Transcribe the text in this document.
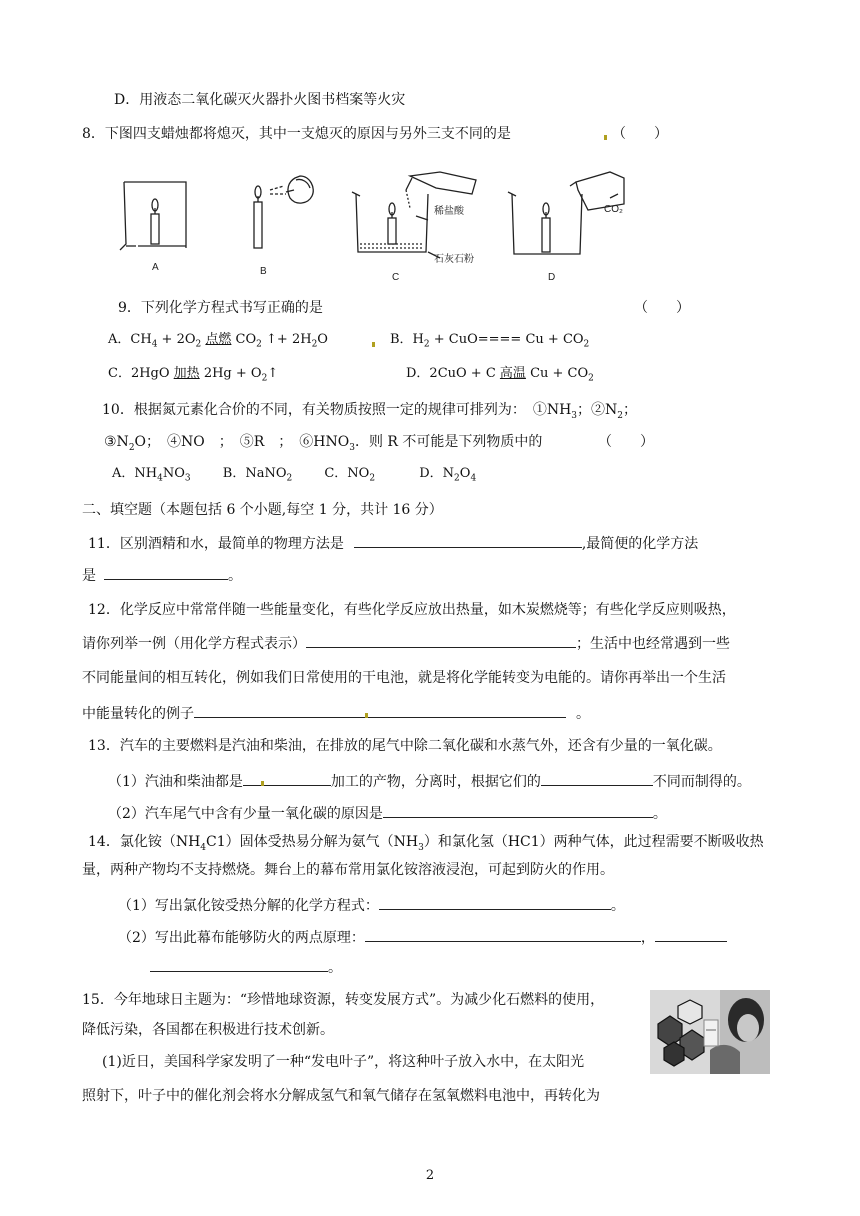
D．用液态二氧化碳灭火器扑火图书档案等火灾
8．下图四支蜡烛都将熄灭，其中一支熄灭的原因与另外三支不同的是	（　　）
A	B
C	D
稀盐酸
石灰石粉
CO₂
9．下列化学方程式书写正确的是	（　　）
A．$CH_4 + 2O_2$ 点燃 $CO_2$ ↑+ $2H_2O$	B．$H_2 + CuO==== Cu + CO_2$
C．2HgO 加热 $2Hg + O_2↑$	D．2CuO + C 高温 $Cu + CO_2$
10．根据氮元素化合价的不同，有关物质按照一定的规律可排列为：　$①NH_3$；$②N_2$；
$③N_2O$；　④NO　；　⑤R　；　$⑥HNO_3$．则 R 不可能是下列物质中的	（　　）
A．$NH_4NO_3$ B．NaNO$_2$ C．$NO_2$	D．$N_2O_4$
二、填空题（本题包括 6 个小题,每空 1 分，共计 16 分）
11．区别酒精和水，最简单的物理方法是	,最简便的化学方法
是	。
12．化学反应中常常伴随一些能量变化，有些化学反应放出热量，如木炭燃烧等；有些化学反应则吸热，
请你列举一例（用化学方程式表示）	；生活中也经常遇到一些
不同能量间的相互转化，例如我们日常使用的干电池，就是将化学能转变为电能的。请你再举出一个生活
中能量转化的例子	。
13．汽车的主要燃料是汽油和柴油，在排放的尾气中除二氧化碳和水蒸气外，还含有少量的一氧化碳。
（1）汽油和柴油都是	加工的产物，分离时，根据它们的	不同而制得的。
（2）汽车尾气中含有少量一氧化碳的原因是	。
14．氯化铵$(NH_4C1)$固体受热易分解为氨气$(NH_3)$和氯化氢（HC1）两种气体，此过程需要不断吸收热
量，两种产物均不支持燃烧。舞台上的幕布常用氯化铵溶液浸泡，可起到防火的作用。
（1）写出氯化铵受热分解的化学方程式：	。
（2）写出此幕布能够防火的两点原理：	，
。
15．今年地球日主题为：“珍惜地球资源，转变发展方式”。为减少化石燃料的使用，
降低污染，各国都在积极进行技术创新。
(1)近日，美国科学家发明了一种“发电叶子”，将这种叶子放入水中，在太阳光
照射下，叶子中的催化剂会将水分解成氢气和氧气储存在氢氧燃料电池中，再转化为
2
